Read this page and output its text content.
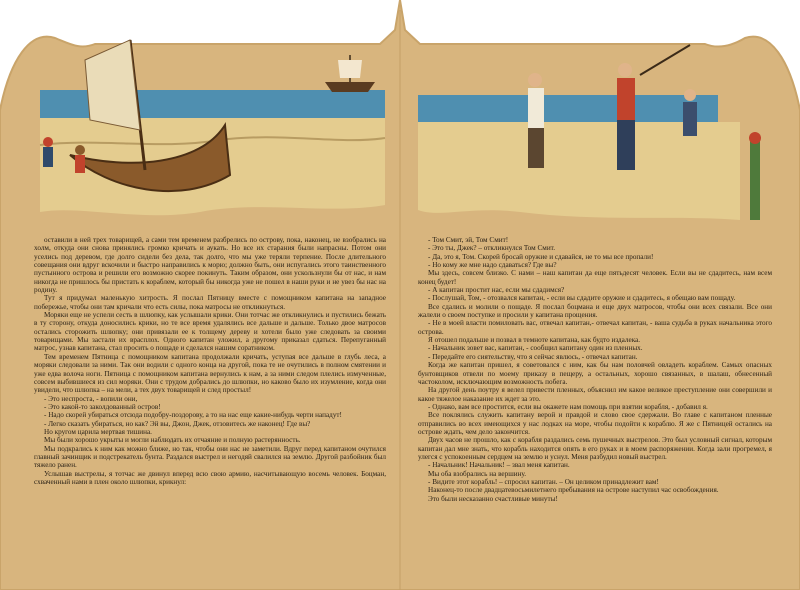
оставили в ней трех товарищей, а сами тем временем разбрелись по острову, пока, наконец, не взобрались на холм, откуда они снова принялись громко кричать и аукать. Но все их старания были напрасны. Потом они уселись под деревом, где долго сидели без дела, так долго, что мы уже теряли терпение. После длительного совещания они вдруг вскочили и быстро направились к морю; должно быть, они испугались этого таинственного пустынного острова и решили его возможно скорее покинуть. Таким образом, они ускользнули бы от нас, и нам никогда не пришлось бы пристать к кораблем, который бы никогда уже не пошел в наши руки и не увез бы нас на родину.

Тут я придумал маленькую хитрость. Я послал Пятницу вместе с помощником капитана на западное побережье, чтобы они там кричали что есть силы, пока матросы не откликнуться.

Моряки еще не успели сесть в шлюпку, как услышали крики. Они тотчас же откликнулись и пустились бежать в ту сторону, откуда доносились крики, но те все время удалялись все дальше и дальше. Только двое матросов остались сторожить шлюпку; они привязали ее к толщему дереву и хотели было уже следовать за своими товарищами. Мы застали их врасплох. Одного капитан уложил, а другому приказал сдаться. Перепуганный матрос, узнав капитана, стал просить о пощаде и сделался нашим соратником.

Тем временем Пятница с помощником капитана продолжали кричать, уступая все дальше в глубь леса, а моряки следовали за ними. Так они водили с одного конца на другой, пока те не очутились в полном смятении и уже едва волоча ноги. Пятница с помощником капитана вернулись к нам, а за ними следом плелись измученные, совсем выбившиеся из сил моряки. Они с трудом добрались до шлюпки, но каково было их изумление, когда они увидели, что шлюпка – на мели, а тех двух товарищей и след простыл!

- Это неспроста, - вопили они,

- Это какой-то заколдованный остров!

- Надо скорей убираться отсюда подобру-поздорову, а то на нас еще какие-нибудь черти нападут!

- Легко сказать убираться, но как? Эй вы, Джон, Джек, отзовитесь же наконец! Где вы?

Но кругом царила мертвая тишина.

Мы были хорошо укрыты и могли наблюдать их отчаяние и полную растерянность.

Мы подкрались к ним как можно ближе, но так, чтобы они нас не заметили. Вдруг перед капитаном очутился главный зачинщик и подстрекатель бунта. Раздался выстрел и негодяй свалился на землю. Другой разбойник был тяжело ранен.

Услышав выстрелы, я тотчас же двинул вперед всю свою армию, насчитывающую восемь человек. Боцман, схваченный нами в плен около шлюпки, крикнул:

- Том Смит, эй, Том Смит!

- Это ты, Джек? – откликнулся Том Смит.

- Да, это я, Том. Скорей бросай оружие и сдавайся, не то мы все пропали!

- Но кому же мне надо сдаваться? Где вы?

Мы здесь, совсем близко. С нами – наш капитан да еще пятьдесят человек. Если вы не сдадитесь, нам всем конец будет!

- А капитан простит нас, если мы сдадимся?

- Послушай, Том, - отозвался капитан, - если вы сдадите оружие и сдадитесь, я обещаю вам пощаду.

Все сдались и молили о пощаде. Я послал боцмана и еще двух матросов, чтобы они всех связали. Все они жалели о своем поступке и просили у капитана прощения.

- Не в моей власти помиловать вас, отвечал капитан,- отвечал капитан, - ваша судьба в руках начальника этого острова.

Я отошел подальше и позвал в темноте капитана, как будто издалека.

- Начальник зовет вас, капитан, - сообщил капитану один из пленных.

- Передайте его сиятельству, что я сейчас явлюсь, - отвечал капитан.

Когда же капитан пришел, я советовался с ним, как бы нам половчей овладеть кораблем. Самых опасных бунтовщиков отвели по моему приказу в пещеру, а остальных, хорошо связанных, в шалаш, обнесенный частоколом, исключающим возможность побега.

На другой день поутру я велел привести пленных, объяснил им какое великое преступление они совершили и какое тяжелое наказание их ждет за это.

- Однако, вам все простится, если вы окажете нам помощь при взятии корабля, - добавил я.

Все поклялись служить капитану верой и правдой и слово свое сдержали. Во главе с капитаном пленные отправились во всех имеющихся у нас лодках на море, чтобы подойти к кораблю. Я же с Пятницей остались на острове ждать, чем дело закончится.

Двух часов не прошло, как с корабля раздались семь пушечных выстрелов. Это был условный сигнал, которым капитан дал мне знать, что корабль находится опять в его руках и в моем распоряжении. Когда зали прогремел, я улегся с успокоенным сердцем на землю и уснул. Меня разбудил новый выстрел.

- Начальник! Начальник! – звал меня капитан.

Мы оба взобрались на вершину.

- Видите этот корабль! – спросил капитан. – Он целиком принадлежит вам!

Наконец-то после двадцатевосьмилетнего пребывания на острове наступил час освобождения.

Это были несказанно счастливые минуты!
